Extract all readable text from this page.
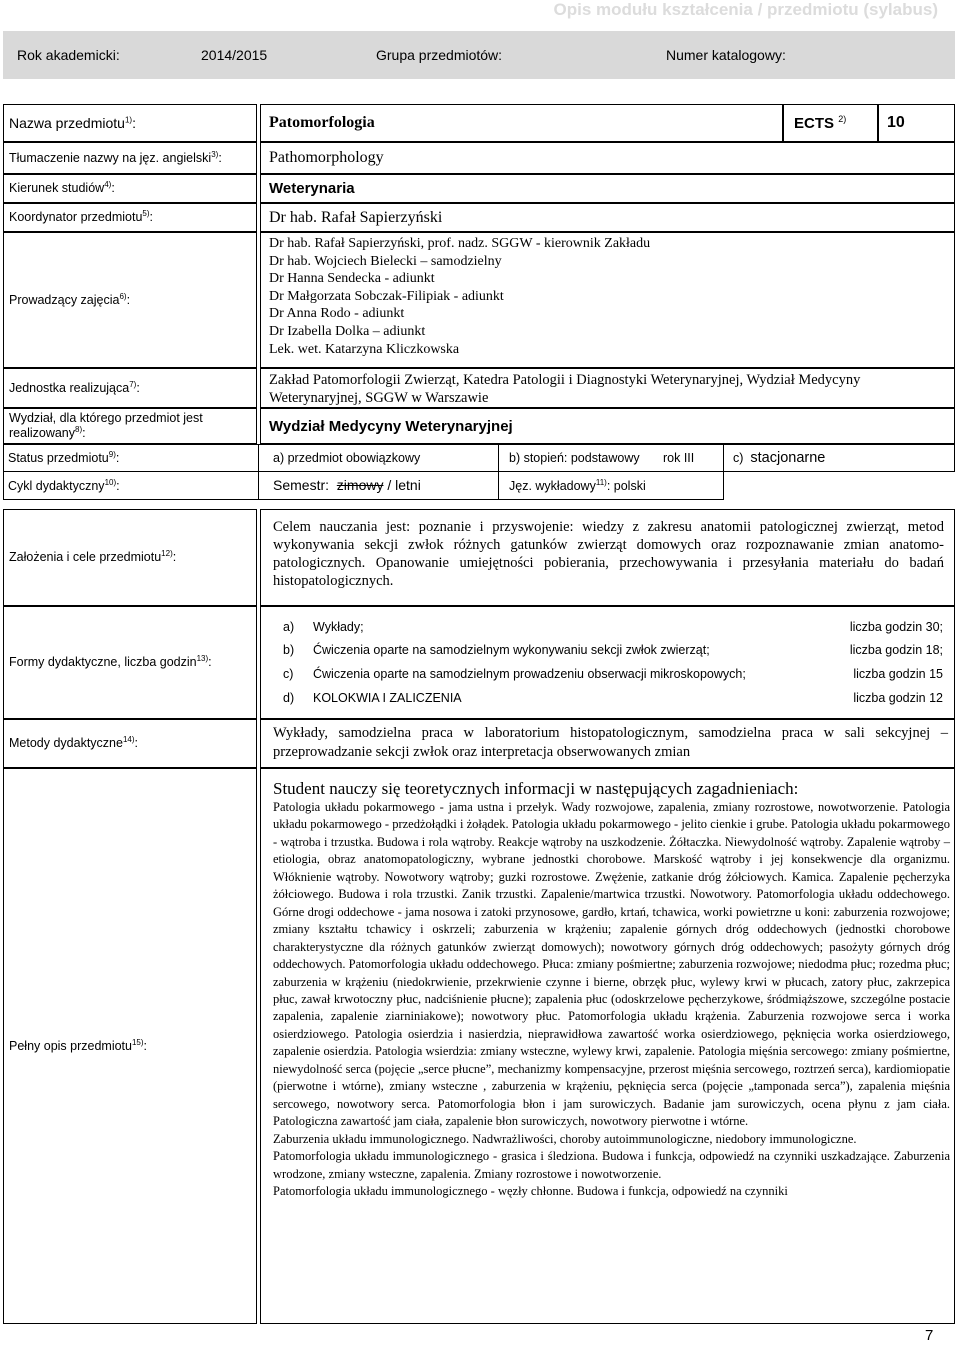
Opis modułu kształcenia / przedmiotu (sylabus)
Rok akademicki:	2014/2015	Grupa przedmiotów:	Numer katalogowy:
Nazwa przedmiotu$^{1)}$:	Patomorfologia	ECTS $^{2)}$	10
Tłumaczenie nazwy na jęz. angielski$^{3)}$:	Pathomorphology
Kierunek studiów$^{4)}$:	Weterynaria
Koordynator przedmiotu$^{5)}$:	Dr hab. Rafał Sapierzyński
Prowadzący zajęcia$^{6)}$:
Dr hab. Rafał Sapierzyński, prof. nadz. SGGW - kierownik Zakładu
Dr hab. Wojciech Bielecki – samodzielny
Dr Hanna Sendecka - adiunkt
Dr Małgorzata Sobczak-Filipiak - adiunkt
Dr Anna Rodo - adiunkt
Dr Izabella Dolka – adiunkt
Lek. wet. Katarzyna Kliczkowska
Jednostka realizująca$^{7)}$:	Zakład Patomorfologii Zwierząt, Katedra Patologii i Diagnostyki Weterynaryjnej, Wydział Medycyny Weterynaryjnej, SGGW w Warszawie
Wydział, dla którego przedmiot jest realizowany$^{8)}$:	Wydział Medycyny Weterynaryjnej
Status przedmiotu$^{9)}$:	a) przedmiot obowiązkowy	b) stopień: podstawowy rok III	c) stacjonarne
Cykl dydaktyczny$^{10)}$:	Semestr: zimowy / letni	Jęz. wykładowy$^{11)}$: polski
Założenia i cele przedmiotu$^{12)}$:
Celem nauczania jest: poznanie i przyswojenie: wiedzy z zakresu anatomii patologicznej zwierząt, metod wykonywania sekcji zwłok różnych gatunków zwierząt domowych oraz rozpoznawanie zmian anatomo-patologicznych. Opanowanie umiejętności pobierania, przechowywania i przesyłania materiału do badań histopatologicznych.
Formy dydaktyczne, liczba godzin$^{13)}$:
a)	Wykłady;	liczba godzin 30;
b)	Ćwiczenia oparte na samodzielnym wykonywaniu sekcji zwłok zwierząt;	liczba godzin 18;
c)	Ćwiczenia oparte na samodzielnym prowadzeniu obserwacji mikroskopowych;	liczba godzin 15
d)	KOLOKWIA I ZALICZENIA	liczba godzin 12
Metody dydaktyczne$^{14)}$:
Wykłady, samodzielna praca w laboratorium histopatologicznym, samodzielna praca w sali sekcyjnej – przeprowadzanie sekcji zwłok oraz interpretacja obserwowanych zmian
Pełny opis przedmiotu$^{15)}$:
Student nauczy się teoretycznych informacji w następujących zagadnieniach:

Patologia układu pokarmowego - jama ustna i przełyk. Wady rozwojowe, zapalenia, zmiany rozrostowe, nowotworzenie. Patologia układu pokarmowego - przedżołądki i żołądek. Patologia układu pokarmowego - jelito cienkie i grube. Patologia układu pokarmowego - wątroba i trzustka. Budowa i rola wątroby. Reakcje wątroby na uszkodzenie. Żółtaczka. Niewydolność wątroby. Zapalenie wątroby – etiologia, obraz anatomopatologiczny, wybrane jednostki chorobowe. Marskość wątroby i jej konsekwencje dla organizmu. Włóknienie wątroby. Nowotwory wątroby; guzki rozrostowe. Zwężenie, zatkanie dróg żółciowych. Kamica. Zapalenie pęcherzyka żółciowego. Budowa i rola trzustki. Zanik trzustki. Zapalenie/martwica trzustki. Nowotwory. Patomorfologia układu oddechowego. Górne drogi oddechowe - jama nosowa i zatoki przynosowe, gardło, krtań, tchawica, worki powietrzne u koni: zaburzenia rozwojowe; zmiany kształtu tchawicy i oskrzeli; zaburzenia w krążeniu; zapalenie górnych dróg oddechowych (jednostki chorobowe charakterystyczne dla różnych gatunków zwierząt domowych); nowotwory górnych dróg oddechowych; pasożyty górnych dróg oddechowych. Patomorfologia układu oddechowego. Płuca: zmiany pośmiertne; zaburzenia rozwojowe; niedodma płuc; rozedma płuc; zaburzenia w krążeniu (niedokrwienie, przekrwienie czynne i bierne, obrzęk płuc, wylewy krwi w płucach, zatory płuc, zakrzepica płuc, zawał krwotoczny płuc, nadciśnienie płucne); zapalenia płuc (odoskrzelowe pęcherzykowe, śródmiąższowe, szczególne postacie zapalenia, zapalenie ziarniniakowe); nowotwory płuc. Patomorfologia układu krążenia. Zaburzenia rozwojowe serca i worka osierdziowego. Patologia osierdzia i nasierdzia, nieprawidłowa zawartość worka osierdziowego, pęknięcia worka osierdziowego, zapalenie osierdzia. Patologia wsierdzia: zmiany wsteczne, wylewy krwi, zapalenie. Patologia mięśnia sercowego: zmiany pośmiertne, niewydolność serca (pojęcie „serce płucne”, mechanizmy kompensacyjne, przerost mięśnia sercowego, roztrzeń serca), kardiomiopatie (pierwotne i wtórne), zmiany wsteczne , zaburzenia w krążeniu, pęknięcia serca (pojęcie „tamponada serca”), zapalenia mięśnia sercowego, nowotwory serca. Patomorfologia błon i jam surowiczych. Badanie jam surowiczych, ocena płynu z jam ciała. Patologiczna zawartość jam ciała, zapalenie błon surowiczych, nowotwory pierwotne i wtórne.

Zaburzenia układu immunologicznego. Nadwrażliwości, choroby autoimmunologiczne, niedobory immunologiczne.

Patomorfologia układu immunologicznego - grasica i śledziona. Budowa i funkcja, odpowiedź na czynniki uszkadzające. Zaburzenia wrodzone, zmiany wsteczne, zapalenia. Zmiany rozrostowe i nowotworzenie.

Patomorfologia układu immunologicznego - węzły chłonne. Budowa i funkcja, odpowiedź na czynniki

7
